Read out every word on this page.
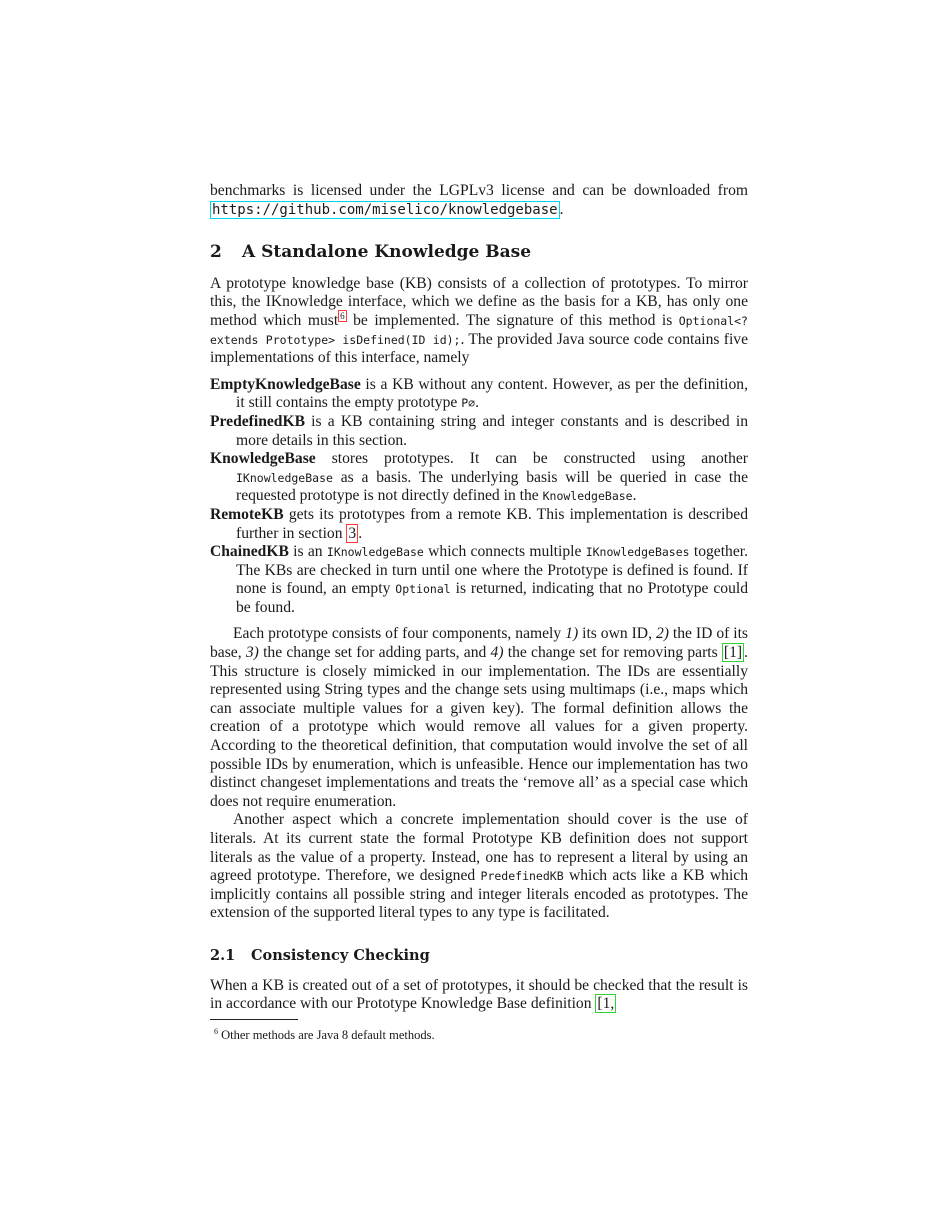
benchmarks is licensed under the LGPLv3 license and can be downloaded from https://github.com/miselico/knowledgebase .

2 A Standalone Knowledge Base

A prototype knowledge base (KB) consists of a collection of prototypes. To mirror this, the IKnowledge interface, which we define as the basis for a KB, has only one method which must $^6$ be implemented. The signature of this method is Optional<? extends Prototype> isDefined(ID id);. The provided Java source code contains five implementations of this interface, namely

EmptyKnowledgeBase is a KB without any content. However, as per the definition, it still contains the empty prototype P∅.
PredefinedKB is a KB containing string and integer constants and is described in more details in this section.
KnowledgeBase stores prototypes. It can be constructed using another IKnowledgeBase as a basis. The underlying basis will be queried in case the requested prototype is not directly defined in the KnowledgeBase.
RemoteKB gets its prototypes from a remote KB. This implementation is described further in section 3 .
ChainedKB is an IKnowledgeBase which connects multiple IKnowledgeBases together. The KBs are checked in turn until one where the Prototype is defined is found. If none is found, an empty Optional is returned, indicating that no Prototype could be found.

Each prototype consists of four components, namely 1) its own ID, 2) the ID of its base, 3) the change set for adding parts, and 4) the change set for removing parts [1] . This structure is closely mimicked in our implementation. The IDs are essentially represented using String types and the change sets using multimaps (i.e., maps which can associate multiple values for a given key). The formal definition allows the creation of a prototype which would remove all values for a given property. According to the theoretical definition, that computation would involve the set of all possible IDs by enumeration, which is unfeasible. Hence our implementation has two distinct changeset implementations and treats the ‘remove all’ as a special case which does not require enumeration.

Another aspect which a concrete implementation should cover is the use of literals. At its current state the formal Prototype KB definition does not support literals as the value of a property. Instead, one has to represent a literal by using an agreed prototype. Therefore, we designed PredefinedKB which acts like a KB which implicitly contains all possible string and integer literals encoded as prototypes. The extension of the supported literal types to any type is facilitated.

2.1 Consistency Checking

When a KB is created out of a set of prototypes, it should be checked that the result is in accordance with our Prototype Knowledge Base definition [1,

$^6$ Other methods are Java 8 default methods.
